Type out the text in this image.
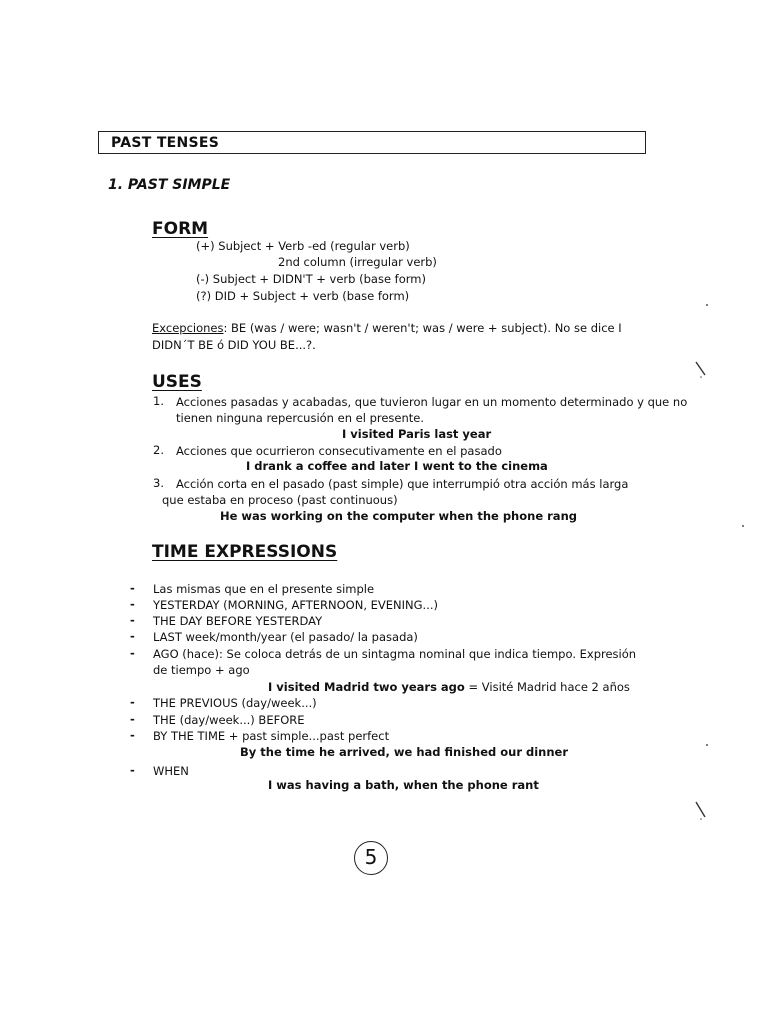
PAST TENSES
1. PAST SIMPLE
FORM
(+) Subject + Verb -ed (regular verb)
2nd column (irregular verb)
(-) Subject + DIDN'T + verb (base form)
(?) DID + Subject + verb (base form)
Excepciones: BE (was / were; wasn't / weren't; was / were + subject). No se dice I
DIDN´T BE ó DID YOU BE...?.
USES
1. Acciones pasadas y acabadas, que tuvieron lugar en un momento determinado y que no
tienen ninguna repercusión en el presente.
I visited Paris last year
2. Acciones que ocurrieron consecutivamente en el pasado
I drank a coffee and later I went to the cinema
3. Acción corta en el pasado (past simple) que interrumpió otra acción más larga
que estaba en proceso (past continuous)
He was working on the computer when the phone rang
TIME EXPRESSIONS
- Las mismas que en el presente simple
- YESTERDAY (MORNING, AFTERNOON, EVENING...)
- THE DAY BEFORE YESTERDAY
- LAST week/month/year (el pasado/ la pasada)
- AGO (hace): Se coloca detrás de un sintagma nominal que indica tiempo. Expresión
de tiempo + ago
I visited Madrid two years ago = Visité Madrid hace 2 años
- THE PREVIOUS (day/week...)
- THE (day/week...) BEFORE
- BY THE TIME + past simple...past perfect
By the time he arrived, we had finished our dinner
- WHEN
I was having a bath, when the phone rant
5
